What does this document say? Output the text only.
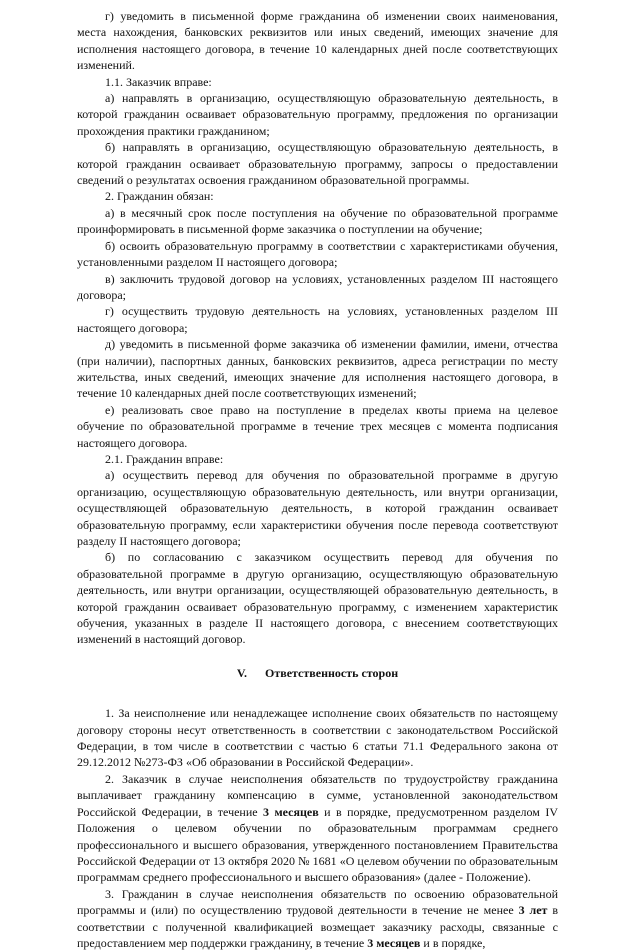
г) уведомить в письменной форме гражданина об изменении своих наименования, места нахождения, банковских реквизитов или иных сведений, имеющих значение для исполнения настоящего договора, в течение 10 календарных дней после соответствующих изменений.

1.1. Заказчик вправе:

а) направлять в организацию, осуществляющую образовательную деятельность, в которой гражданин осваивает образовательную программу, предложения по организации прохождения практики гражданином;

б) направлять в организацию, осуществляющую образовательную деятельность, в которой гражданин осваивает образовательную программу, запросы о предоставлении сведений о результатах освоения гражданином образовательной программы.

2. Гражданин обязан:

а) в месячный срок после поступления на обучение по образовательной программе проинформировать в письменной форме заказчика о поступлении на обучение;

б) освоить образовательную программу в соответствии с характеристиками обучения, установленными разделом II настоящего договора;

в) заключить трудовой договор на условиях, установленных разделом III настоящего договора;

г) осуществить трудовую деятельность на условиях, установленных разделом III настоящего договора;

д) уведомить в письменной форме заказчика об изменении фамилии, имени, отчества (при наличии), паспортных данных, банковских реквизитов, адреса регистрации по месту жительства, иных сведений, имеющих значение для исполнения настоящего договора, в течение 10 календарных дней после соответствующих изменений;

е) реализовать свое право на поступление в пределах квоты приема на целевое обучение по образовательной программе в течение трех месяцев с момента подписания настоящего договора.

2.1. Гражданин вправе:

а) осуществить перевод для обучения по образовательной программе в другую организацию, осуществляющую образовательную деятельность, или внутри организации, осуществляющей образовательную деятельность, в которой гражданин осваивает образовательную программу, если характеристики обучения после перевода соответствуют разделу II настоящего договора;

б) по согласованию с заказчиком осуществить перевод для обучения по образовательной программе в другую организацию, осуществляющую образовательную деятельность, или внутри организации, осуществляющей образовательную деятельность, в которой гражданин осваивает образовательную программу, с изменением характеристик обучения, указанных в разделе II настоящего договора, с внесением соответствующих изменений в настоящий договор.

V. Ответственность сторон

1. За неисполнение или ненадлежащее исполнение своих обязательств по настоящему договору стороны несут ответственность в соответствии с законодательством Российской Федерации, в том числе в соответствии с частью 6 статьи 71.1 Федерального закона от 29.12.2012 №273-ФЗ «Об образовании в Российской Федерации».

2. Заказчик в случае неисполнения обязательств по трудоустройству гражданина выплачивает гражданину компенсацию в сумме, установленной законодательством Российской Федерации, в течение 3 месяцев и в порядке, предусмотренном разделом IV Положения о целевом обучении по образовательным программам среднего профессионального и высшего образования, утвержденного постановлением Правительства Российской Федерации от 13 октября 2020 № 1681 «О целевом обучении по образовательным программам среднего профессионального и высшего образования» (далее - Положение).

3. Гражданин в случае неисполнения обязательств по освоению образовательной программы и (или) по осуществлению трудовой деятельности в течение не менее 3 лет в соответствии с полученной квалификацией возмещает заказчику расходы, связанные с предоставлением мер поддержки гражданину, в течение 3 месяцев и в порядке,
